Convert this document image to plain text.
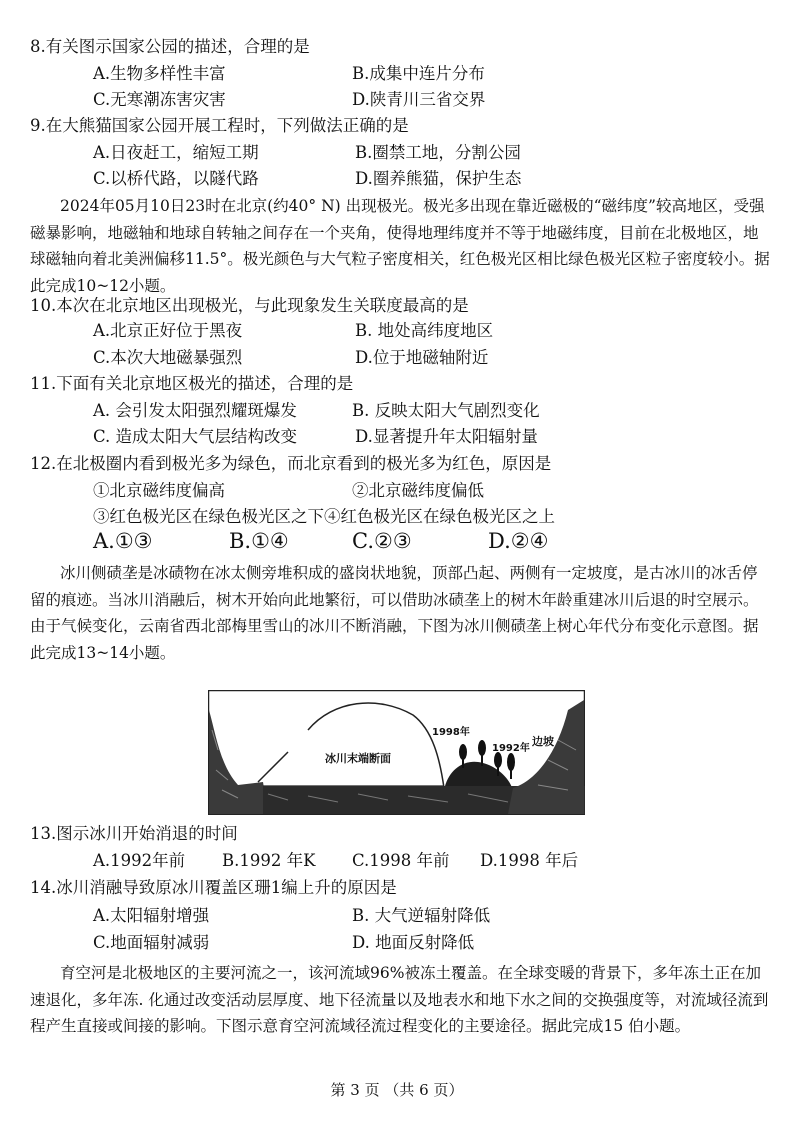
8.有关图示国家公园的描述，合理的是
A.生物多样性丰富	B.成集中连片分布
C.无寒潮冻害灾害	D.陕青川三省交界
9.在大熊猫国家公园开展工程时，下列做法正确的是
A.日夜赶工，缩短工期	B.圈禁工地，分割公园
C.以桥代路，以隧代路	D.圈养熊猫，保护生态
2024年05月10日23时在北京(约40° N) 出现极光。极光多出现在靠近磁极的“磁纬度”较高地区，受强磁暴影响，地磁轴和地球自转轴之间存在一个夹角，使得地理纬度并不等于地磁纬度，目前在北极地区，地球磁轴向着北美洲偏移11.5°。极光颜色与大气粒子密度相关，红色极光区相比绿色极光区粒子密度较小。据此完成10~12小题。
10.本次在北京地区出现极光，与此现象发生关联度最高的是
A.北京正好位于黑夜	B. 地处高纬度地区
C.本次大地磁暴强烈	D.位于地磁轴附近
11.下面有关北京地区极光的描述，合理的是
A. 会引发太阳强烈耀斑爆发	B. 反映太阳大气剧烈变化
C. 造成太阳大气层结构改变	D.显著提升年太阳辐射量
12.在北极圈内看到极光多为绿色，而北京看到的极光多为红色，原因是
①北京磁纬度偏高	②北京磁纬度偏低
③红色极光区在绿色极光区之下④红色极光区在绿色极光区之上
A.①③	B.①④	C.②③	D.②④
冰川侧碛垄是冰碛物在冰太侧旁堆积成的盛岗状地貌，顶部凸起、两侧有一定坡度，是古冰川的冰舌停留的痕迹。当冰川消融后，树木开始向此地繁衍，可以借助冰碛垄上的树木年龄重建冰川后退的时空展示。由于气候变化，云南省西北部梅里雪山的冰川不断消融，下图为冰川侧碛垄上树心年代分布变化示意图。据此完成13~14小题。
冰川末端断面
1998年
1992年
边坡
13.图示冰川开始消退的时间
A.1992年前 B.1992 年K C.1998 年前 D.1998 年后
14.冰川消融导致原冰川覆盖区珊1编上升的原因是
A.太阳辐射增强	B. 大气逆辐射降低
C.地面辐射减弱	D. 地面反射降低
育空河是北极地区的主要河流之一，该河流域96%被冻土覆盖。在全球变暖的背景下，多年冻土正在加速退化，多年冻. 化通过改变活动层厚度、地下径流量以及地表水和地下水之间的交换强度等，对流域径流到程产生直接或间接的影响。下图示意育空河流域径流过程变化的主要途径。据此完成15 伯小题。
第 3 页 （共 6 页）
